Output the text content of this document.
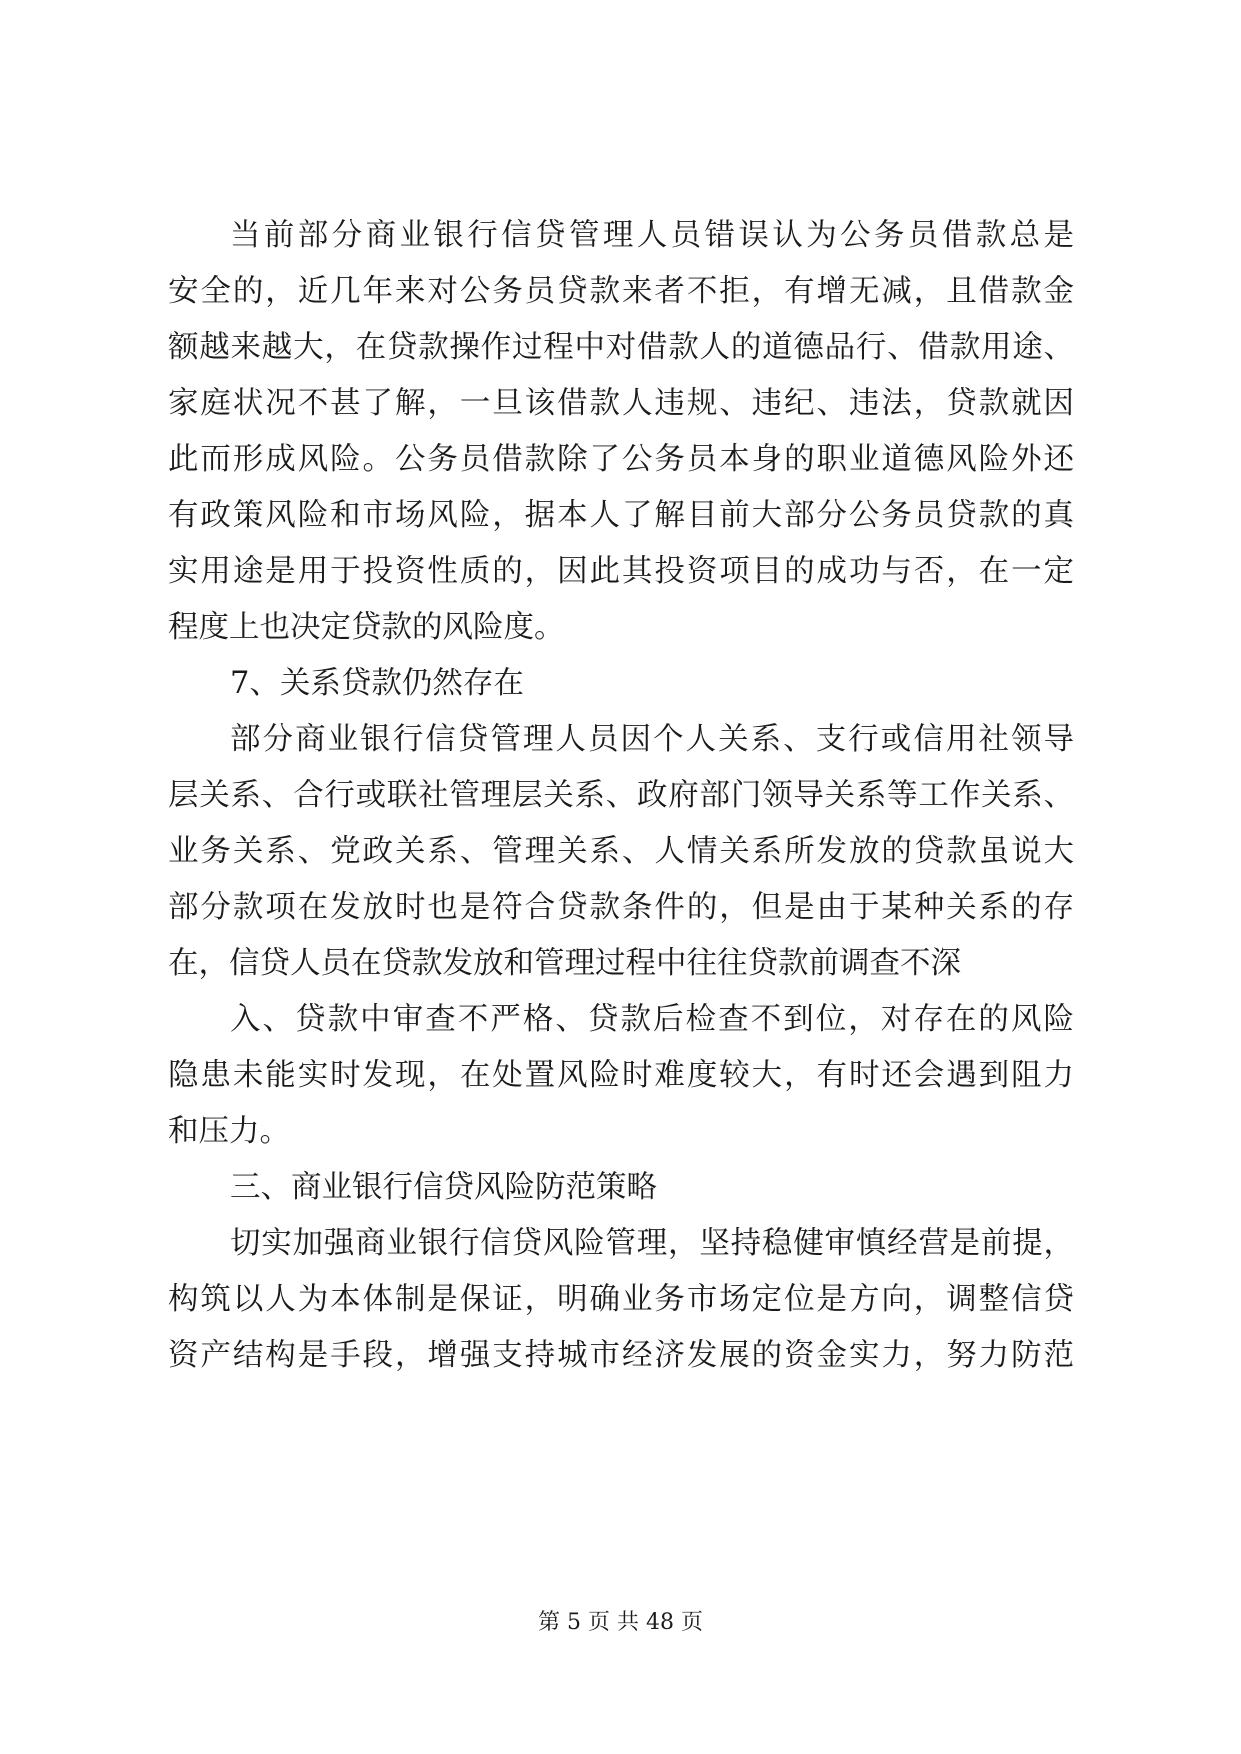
当前部分商业银行信贷管理人员错误认为公务员借款总是
安全的，近几年来对公务员贷款来者不拒，有增无减，且借款金
额越来越大，在贷款操作过程中对借款人的道德品行、借款用途、
家庭状况不甚了解，一旦该借款人违规、违纪、违法，贷款就因
此而形成风险。公务员借款除了公务员本身的职业道德风险外还
有政策风险和市场风险，据本人了解目前大部分公务员贷款的真
实用途是用于投资性质的，因此其投资项目的成功与否，在一定
程度上也决定贷款的风险度。
7、关系贷款仍然存在
部分商业银行信贷管理人员因个人关系、支行或信用社领导
层关系、合行或联社管理层关系、政府部门领导关系等工作关系、
业务关系、党政关系、管理关系、人情关系所发放的贷款虽说大
部分款项在发放时也是符合贷款条件的，但是由于某种关系的存
在，信贷人员在贷款发放和管理过程中往往贷款前调查不深
入、贷款中审查不严格、贷款后检查不到位，对存在的风险
隐患未能实时发现，在处置风险时难度较大，有时还会遇到阻力
和压力。
三、商业银行信贷风险防范策略
切实加强商业银行信贷风险管理，坚持稳健审慎经营是前提，
构筑以人为本体制是保证，明确业务市场定位是方向，调整信贷
资产结构是手段，增强支持城市经济发展的资金实力，努力防范
第 5 页 共 48 页
